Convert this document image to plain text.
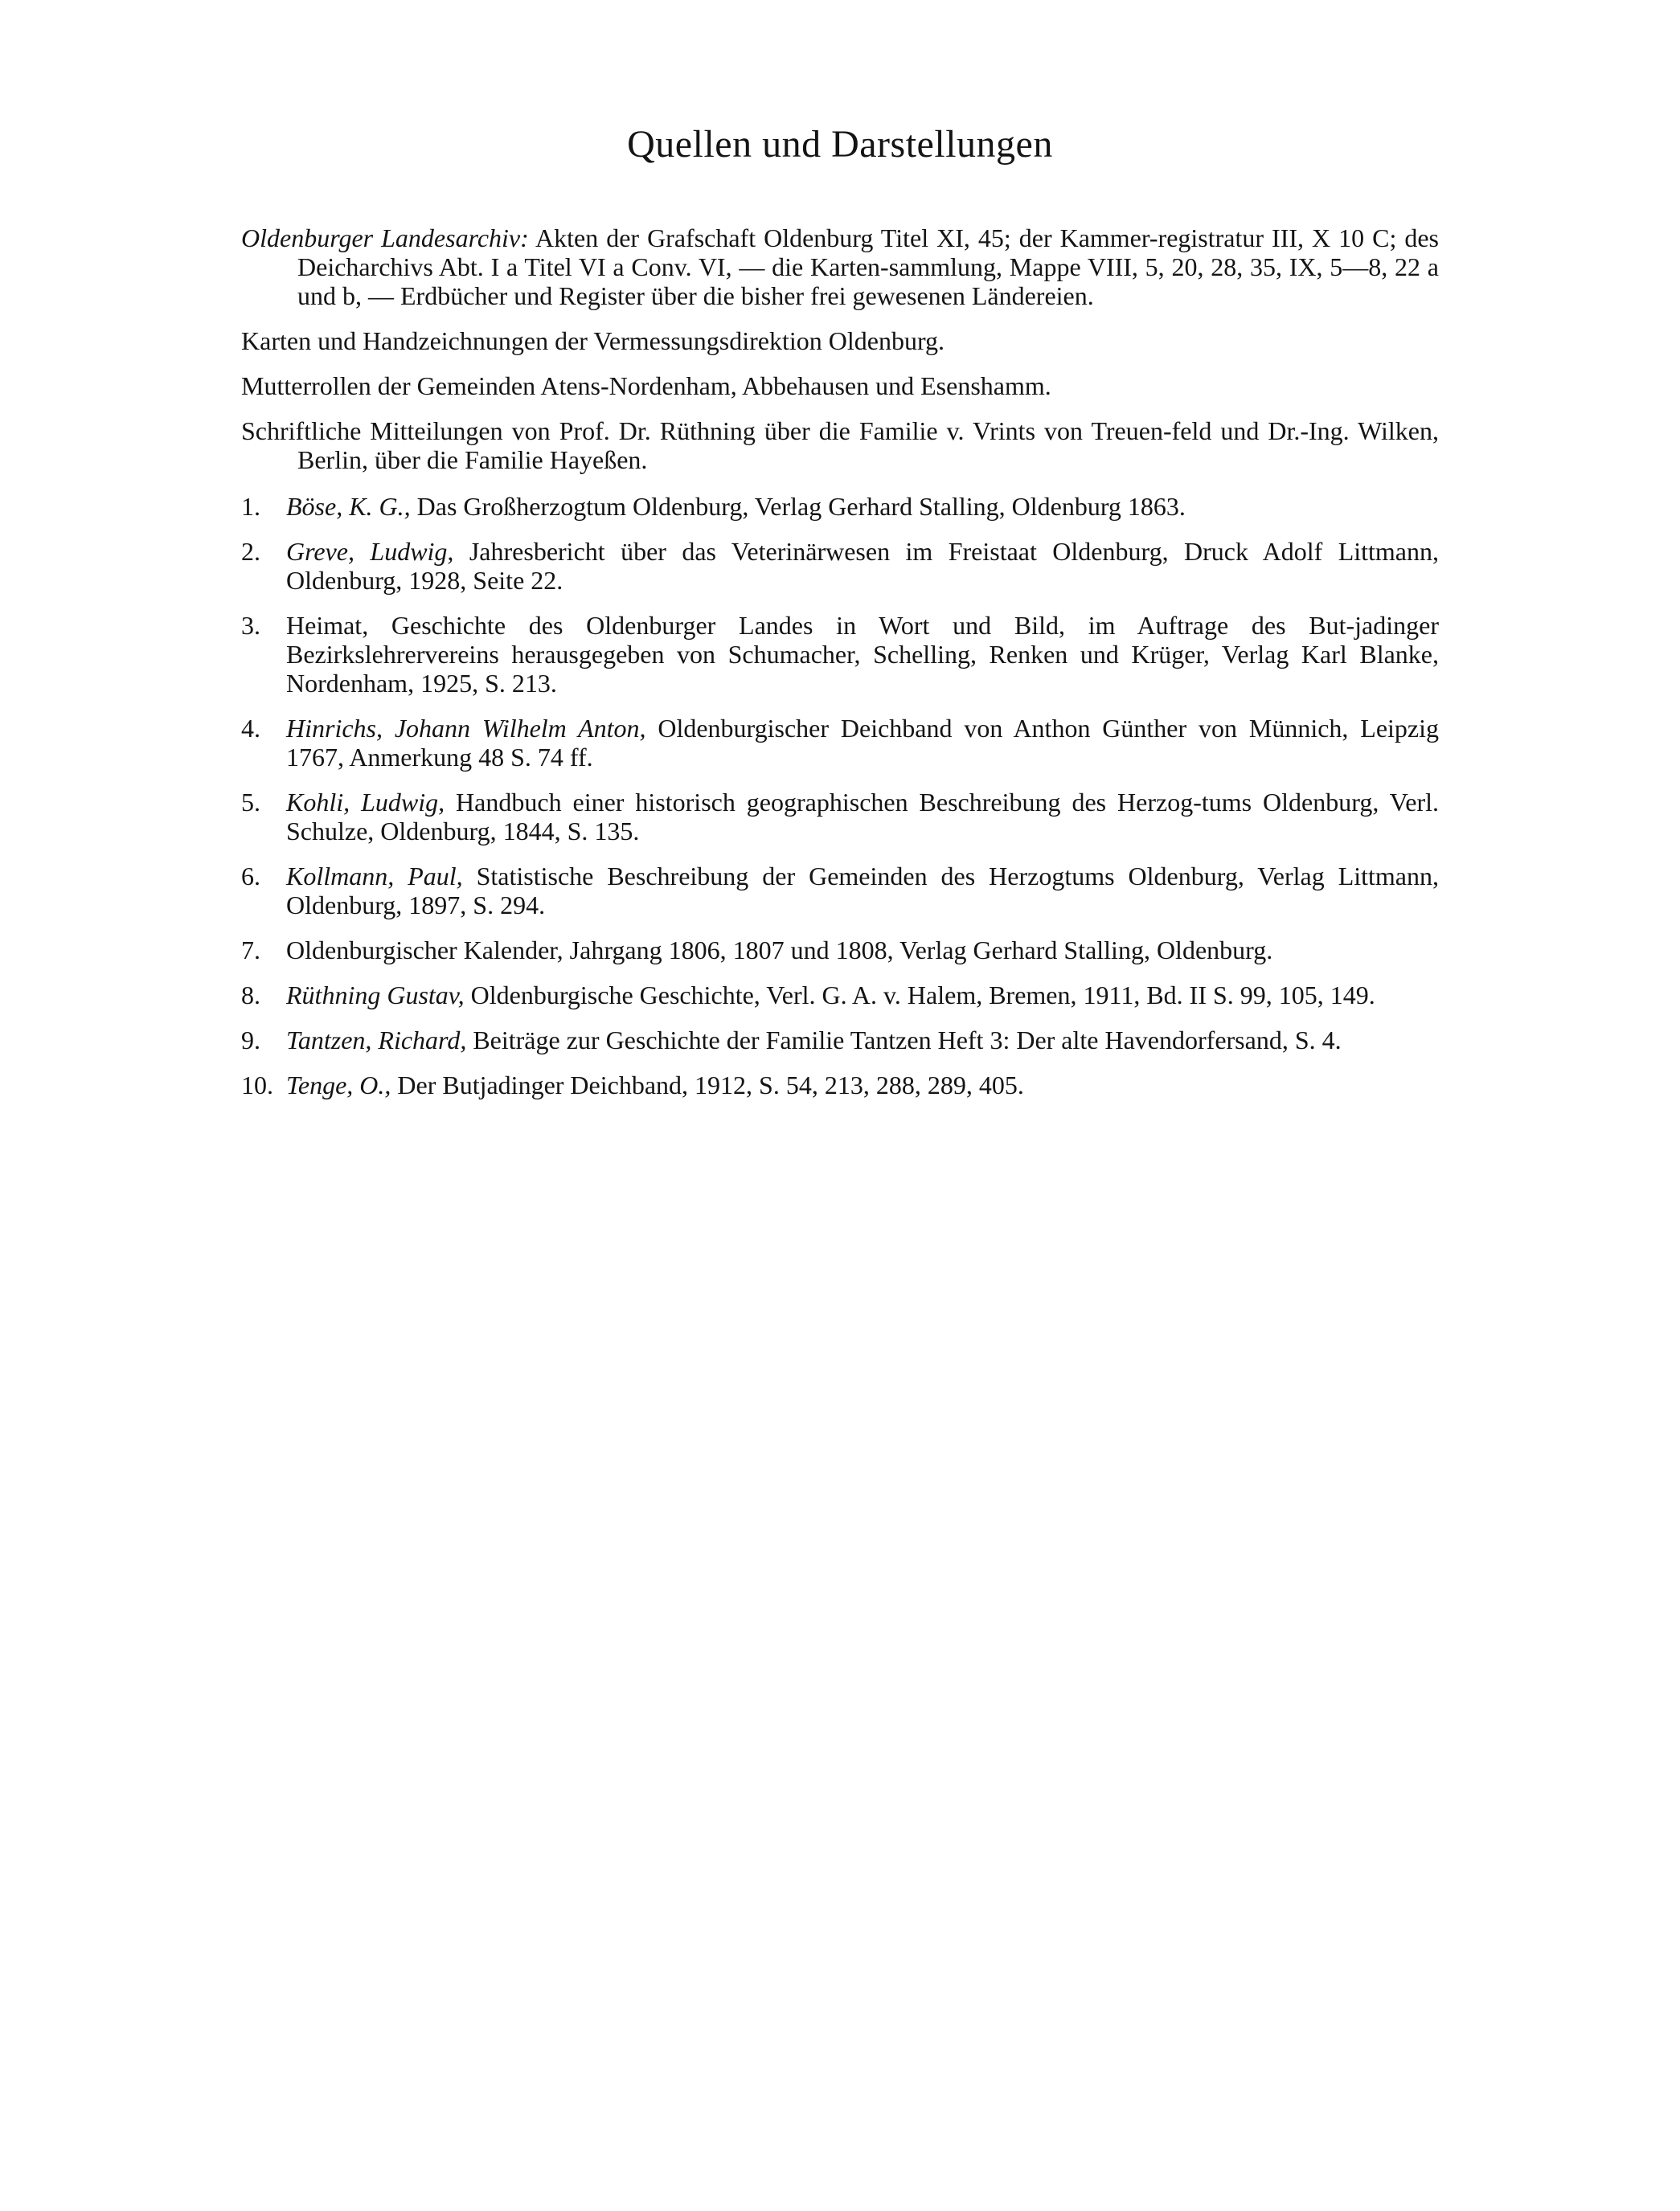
Quellen und Darstellungen

Oldenburger Landesarchiv: Akten der Grafschaft Oldenburg Titel XI, 45; der Kammer-registratur III, X 10 C; des Deicharchivs Abt. I a Titel VI a Conv. VI, — die Karten-sammlung, Mappe VIII, 5, 20, 28, 35, IX, 5—8, 22 a und b, — Erdbücher und Register über die bisher frei gewesenen Ländereien.

Karten und Handzeichnungen der Vermessungsdirektion Oldenburg.

Mutterrollen der Gemeinden Atens-Nordenham, Abbehausen und Esenshamm.

Schriftliche Mitteilungen von Prof. Dr. Rüthning über die Familie v. Vrints von Treuen-feld und Dr.-Ing. Wilken, Berlin, über die Familie Hayeßen.

1.	Böse, K. G., Das Großherzogtum Oldenburg, Verlag Gerhard Stalling, Oldenburg 1863.
2.	Greve, Ludwig, Jahresbericht über das Veterinärwesen im Freistaat Oldenburg, Druck Adolf Littmann, Oldenburg, 1928, Seite 22.
3.	Heimat, Geschichte des Oldenburger Landes in Wort und Bild, im Auftrage des But-jadinger Bezirkslehrervereins herausgegeben von Schumacher, Schelling, Renken und Krüger, Verlag Karl Blanke, Nordenham, 1925, S. 213.
4.	Hinrichs, Johann Wilhelm Anton, Oldenburgischer Deichband von Anthon Günther von Münnich, Leipzig 1767, Anmerkung 48 S. 74 ff.
5.	Kohli, Ludwig, Handbuch einer historisch geographischen Beschreibung des Herzog-tums Oldenburg, Verl. Schulze, Oldenburg, 1844, S. 135.
6.	Kollmann, Paul, Statistische Beschreibung der Gemeinden des Herzogtums Oldenburg, Verlag Littmann, Oldenburg, 1897, S. 294.
7.	Oldenburgischer Kalender, Jahrgang 1806, 1807 und 1808, Verlag Gerhard Stalling, Oldenburg.
8.	Rüthning Gustav, Oldenburgische Geschichte, Verl. G. A. v. Halem, Bremen, 1911, Bd. II S. 99, 105, 149.
9.	Tantzen, Richard, Beiträge zur Geschichte der Familie Tantzen Heft 3: Der alte Havendorfersand, S. 4.
10. Tenge, O., Der Butjadinger Deichband, 1912, S. 54, 213, 288, 289, 405.
